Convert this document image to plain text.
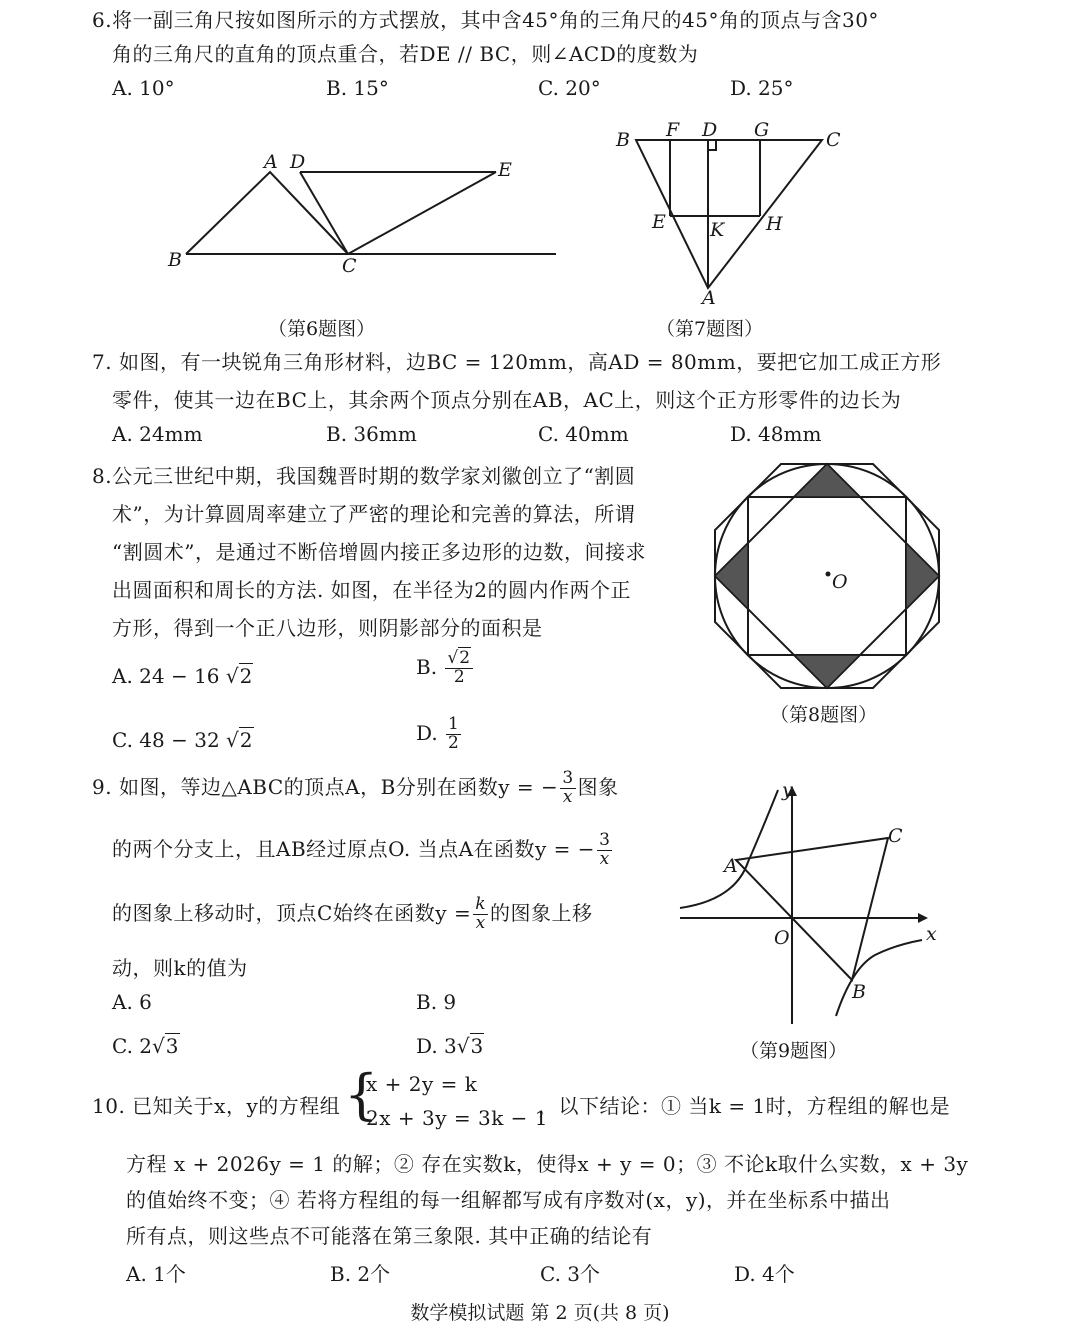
6.将一副三角尺按如图所示的方式摆放，其中含45°角的三角尺的45°角的顶点与含30°
角的三角尺的直角的顶点重合，若DE // BC，则∠ACD的度数为
A. 10°	B. 15°	C. 20°	D. 25°
A D	E
B	C
B F D G	C
E K H
A
O
y
x
O
A
C
B
（第6题图）	（第7题图）
7. 如图，有一块锐角三角形材料，边BC = 120mm，高AD = 80mm，要把它加工成正方形
零件，使其一边在BC上，其余两个顶点分别在AB，AC上，则这个正方形零件的边长为
A. 24mm	B. 36mm	C. 40mm	D. 48mm
8.公元三世纪中期，我国魏晋时期的数学家刘徽创立了“割圆
术”，为计算圆周率建立了严密的理论和完善的算法，所谓
“割圆术”，是通过不断倍增圆内接正多边形的边数，间接求
出圆面积和周长的方法. 如图，在半径为2的圆内作两个正
方形，得到一个正八边形，则阴影部分的面积是
A. 24 − 16 √2	B. $\frac{√2}{2}$
C. 48 − 32 √2	D. $\frac{1}{2}$
（第8题图）
9. 如图，等边△ABC的顶点A，B分别在函数y = − $\frac{3}{x}$ 图象
的两个分支上，且AB经过原点O. 当点A在函数y = − $\frac{3}{x}$
的图象上移动时，顶点C始终在函数$y = \frac{k}{x}$ 的图象上移
动，则k的值为
A. 6	B. 9
C. 2√3	D. 3√3	（第9题图）
10. 已知关于x，y的方程组 {
x + 2y = k
2x + 3y = 3k − 1
，以下结论：① 当k = 1时，方程组的解也是
方程 x + 2026y = 1 的解；② 存在实数k，使得x + y = 0；③ 不论k取什么实数，x + 3y
的值始终不变；④ 若将方程组的每一组解都写成有序数对(x，y)，并在坐标系中描出
所有点，则这些点不可能落在第三象限. 其中正确的结论有
A. 1个	B. 2个	C. 3个	D. 4个
数学模拟试题 第 2 页(共 8 页)
